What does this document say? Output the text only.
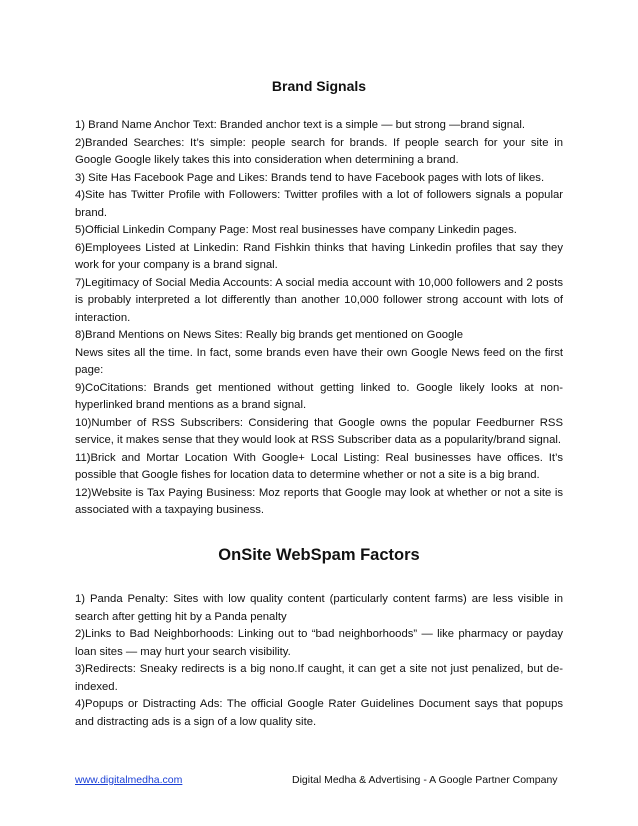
Brand Signals

1) Brand Name Anchor Text: Branded anchor text is a simple — but strong —brand signal.

2)Branded Searches: It’s simple: people search for brands. If people search for your site in Google Google likely takes this into consideration when determining a brand.

3) Site Has Facebook Page and Likes: Brands tend to have Facebook pages with lots of likes.

4)Site has Twitter Profile with Followers: Twitter profiles with a lot of followers signals a popular brand.

5)Official Linkedin Company Page: Most real businesses have company Linkedin pages.

6)Employees Listed at Linkedin: Rand Fishkin thinks that having Linkedin profiles that say they work for your company is a brand signal.

7)Legitimacy of Social Media Accounts: A social media account with 10,000 followers and 2 posts is probably interpreted a lot differently than another 10,000 follower strong account with lots of interaction.

8)Brand Mentions on News Sites: Really big brands get mentioned on Google

News sites all the time. In fact, some brands even have their own Google News feed on the first page:

9)CoCitations: Brands get mentioned without getting linked to. Google likely looks at non-hyperlinked brand mentions as a brand signal.

10)Number of RSS Subscribers: Considering that Google owns the popular Feedburner RSS service, it makes sense that they would look at RSS Subscriber data as a popularity/brand signal.

11)Brick and Mortar Location With Google+ Local Listing: Real businesses have offices. It’s possible that Google fishes for location data to determine whether or not a site is a big brand.

12)Website is Tax Paying Business: Moz reports that Google may look at whether or not a site is associated with a taxpaying business.

OnSite WebSpam Factors

1) Panda Penalty: Sites with low quality content (particularly content farms) are less visible in search after getting hit by a Panda penalty

2)Links to Bad Neighborhoods: Linking out to “bad neighborhoods” — like pharmacy or payday loan sites — may hurt your search visibility.

3)Redirects: Sneaky redirects is a big nono.If caught, it can get a site not just penalized, but de-indexed.

4)Popups or Distracting Ads: The official Google Rater Guidelines Document says that popups and distracting ads is a sign of a low quality site.

www.digitalmedha.com	Digital Medha & Advertising - A Google Partner Company
